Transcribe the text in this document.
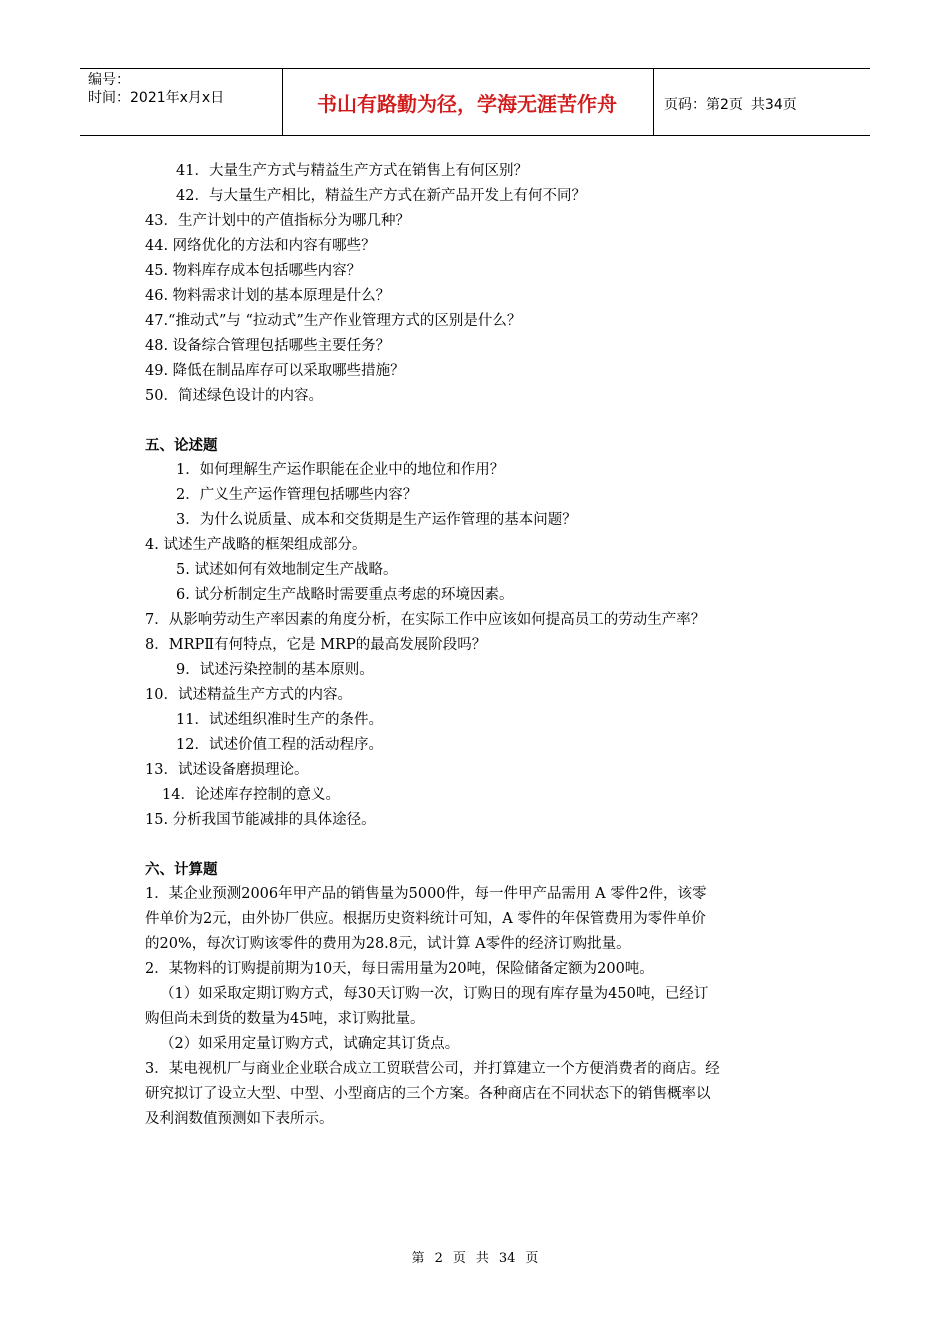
编号：
时间：2021年x月x日	书山有路勤为径，学海无涯苦作舟	页码：第2页 共34页
41．大量生产方式与精益生产方式在销售上有何区别？
42．与大量生产相比，精益生产方式在新产品开发上有何不同？
43．生产计划中的产值指标分为哪几种？
44. 网络优化的方法和内容有哪些？
45. 物料库存成本包括哪些内容？
46. 物料需求计划的基本原理是什么？
47.“推动式”与 “拉动式”生产作业管理方式的区别是什么？
48. 设备综合管理包括哪些主要任务？
49. 降低在制品库存可以采取哪些措施？
50．简述绿色设计的内容。
五、论述题
1．如何理解生产运作职能在企业中的地位和作用？
2．广义生产运作管理包括哪些内容？
3．为什么说质量、成本和交货期是生产运作管理的基本问题？
4. 试述生产战略的框架组成部分。
5. 试述如何有效地制定生产战略。
6. 试分析制定生产战略时需要重点考虑的环境因素。
7．从影响劳动生产率因素的角度分析，在实际工作中应该如何提高员工的劳动生产率？
8．MRPⅡ有何特点，它是 MRP的最高发展阶段吗？
9．试述污染控制的基本原则。
10．试述精益生产方式的内容。
11．试述组织准时生产的条件。
12．试述价值工程的活动程序。
13．试述设备磨损理论。
14．论述库存控制的意义。
15. 分析我国节能减排的具体途径。
六、计算题
1．某企业预测2006年甲产品的销售量为5000件，每一件甲产品需用 A 零件2件，该零
件单价为2元，由外协厂供应。根据历史资料统计可知，A 零件的年保管费用为零件单价
的20%，每次订购该零件的费用为28.8元，试计算 A零件的经济订购批量。
2．某物料的订购提前期为10天，每日需用量为20吨，保险储备定额为200吨。
（1）如采取定期订购方式，每30天订购一次，订购日的现有库存量为450吨，已经订
购但尚未到货的数量为45吨，求订购批量。
（2）如采用定量订购方式，试确定其订货点。
3．某电视机厂与商业企业联合成立工贸联营公司，并打算建立一个方便消费者的商店。经
研究拟订了设立大型、中型、小型商店的三个方案。各种商店在不同状态下的销售概率以
及利润数值预测如下表所示。
第 2 页 共 34 页
